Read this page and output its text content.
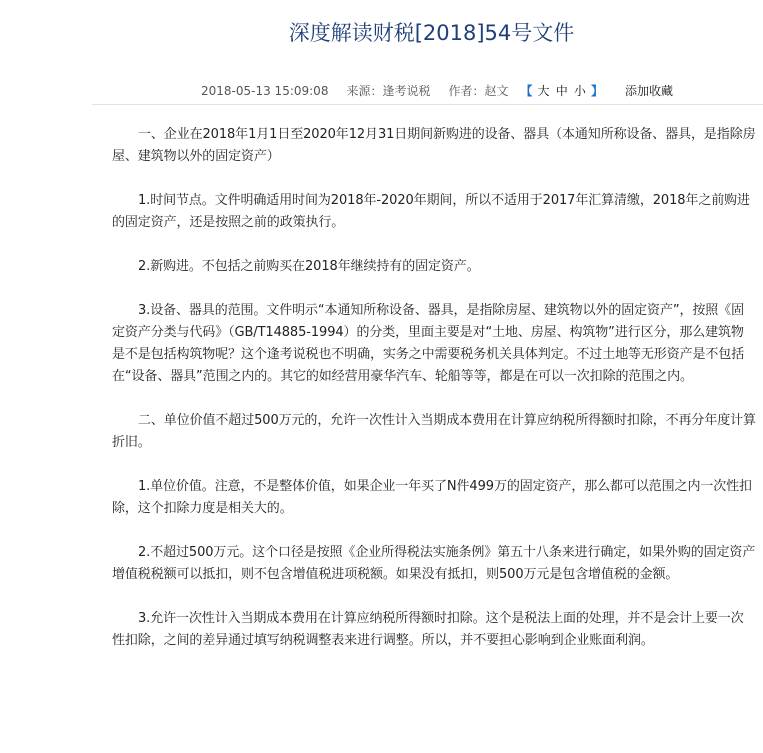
深度解读财税[2018]54号文件
2018-05-13 15:09:08 来源：逢考说税 作者：赵文 【 大 中 小 】 添加收藏

一、企业在2018年1月1日至2020年12月31日期间新购进的设备、器具（本通知所称设备、器具，是指除房屋、建筑物以外的固定资产）

1.时间节点。文件明确适用时间为2018年-2020年期间，所以不适用于2017年汇算清缴，2018年之前购进的固定资产，还是按照之前的政策执行。

2.新购进。不包括之前购买在2018年继续持有的固定资产。

3.设备、器具的范围。文件明示“本通知所称设备、器具，是指除房屋、建筑物以外的固定资产”，按照《固定资产分类与代码》（GB/T14885-1994）的分类，里面主要是对“土地、房屋、构筑物”进行区分，那么建筑物是不是包括构筑物呢？这个逢考说税也不明确，实务之中需要税务机关具体判定。不过土地等无形资产是不包括在“设备、器具”范围之内的。其它的如经营用豪华汽车、轮船等等，都是在可以一次扣除的范围之内。

二、单位价值不超过500万元的，允许一次性计入当期成本费用在计算应纳税所得额时扣除，不再分年度计算折旧。

1.单位价值。注意，不是整体价值，如果企业一年买了N件499万的固定资产，那么都可以范围之内一次性扣除，这个扣除力度是相关大的。

2.不超过500万元。这个口径是按照《企业所得税法实施条例》第五十八条来进行确定，如果外购的固定资产增值税税额可以抵扣，则不包含增值税进项税额。如果没有抵扣，则500万元是包含增值税的金额。

3.允许一次性计入当期成本费用在计算应纳税所得额时扣除。这个是税法上面的处理，并不是会计上要一次性扣除，之间的差异通过填写纳税调整表来进行调整。所以，并不要担心影响到企业账面利润。
